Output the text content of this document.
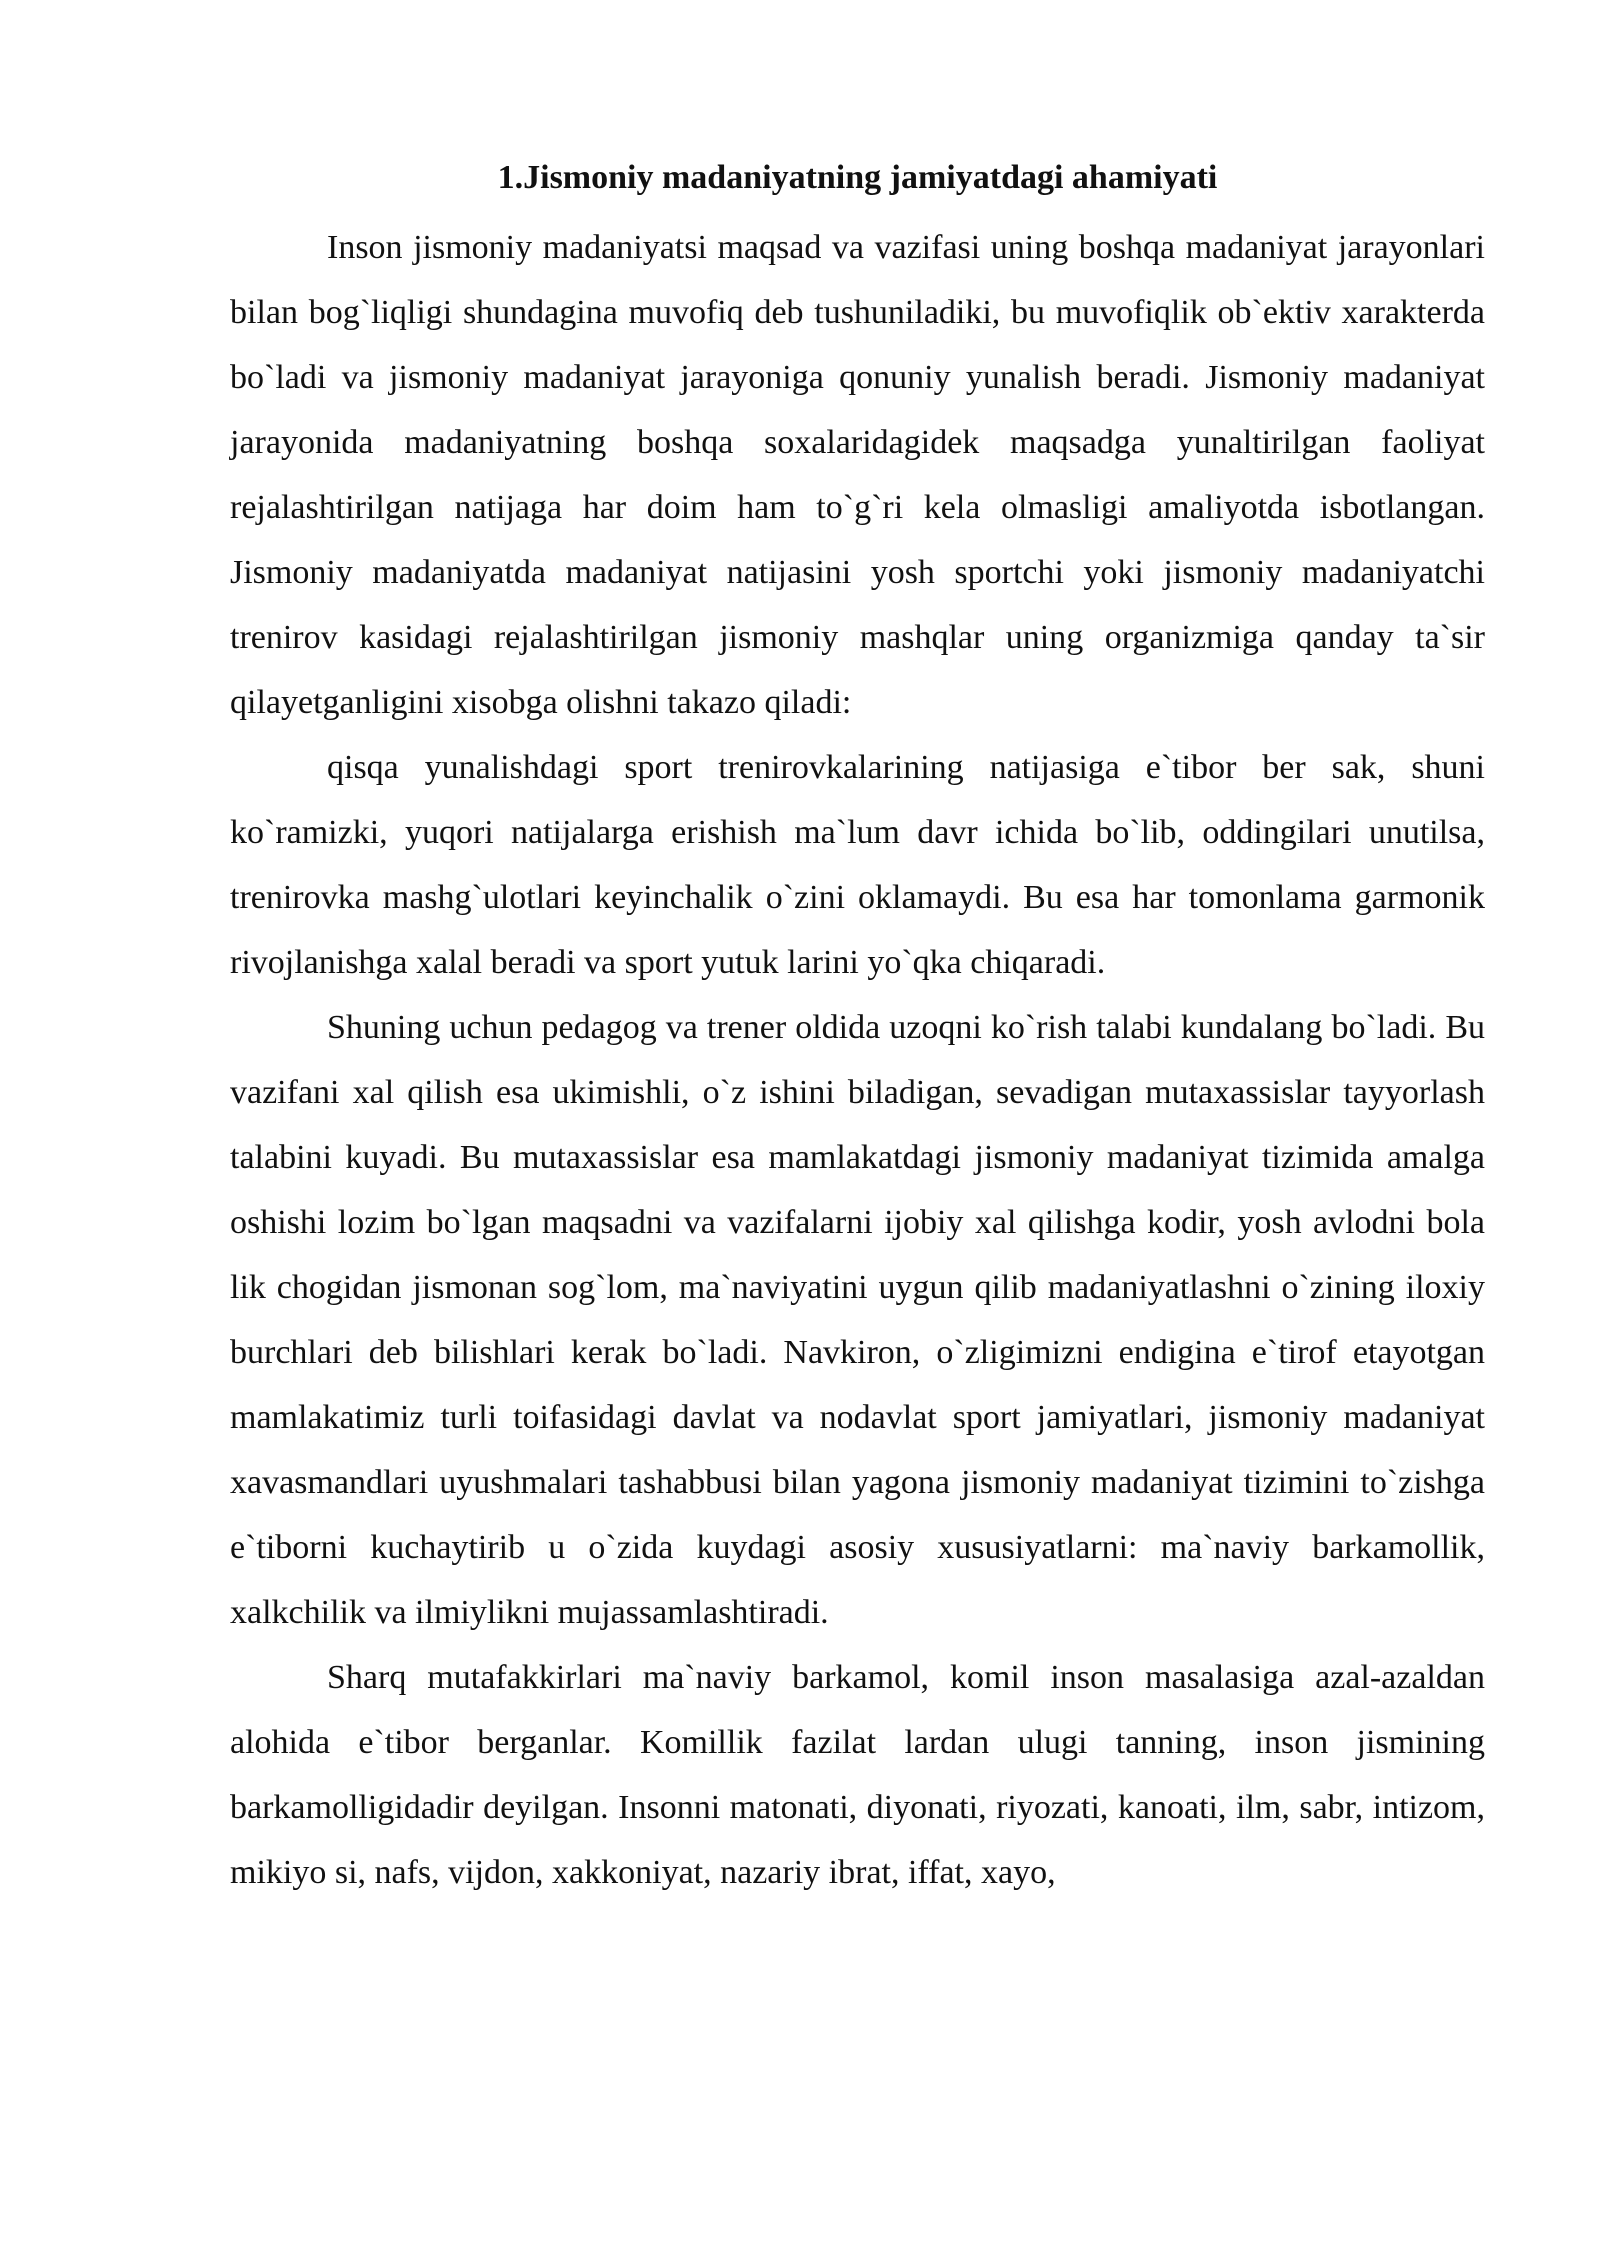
1.Jismoniy madaniyatning jamiyatdagi ahamiyati

Inson jismoniy madaniyatsi maqsad va vazifasi uning boshqa madaniyat jarayonlari bilan bog`liqligi shundagina muvofiq deb tushuniladiki, bu muvofiqlik ob`ektiv xarakterda bo`ladi va jismoniy madaniyat jarayoniga qonuniy yunalish beradi. Jismoniy madaniyat jarayonida madaniyatning boshqa soxalaridagidek maqsadga yunaltirilgan faoliyat rejalashtirilgan natijaga har doim ham to`g`ri kela olmasligi amaliyotda isbotlangan. Jismoniy madaniyatda madaniyat natijasini yosh sportchi yoki jismoniy madaniyatchi trenirov kasidagi rejalashtirilgan jismoniy mashqlar uning organizmiga qanday ta`sir qilayetganligini xisobga olishni takazo qiladi:

qisqa yunalishdagi sport trenirovkalarining natijasiga e`tibor ber sak, shuni ko`ramizki, yuqori natijalarga erishish ma`lum davr ichida bo`lib, oddingilari unutilsa, trenirovka mashg`ulotlari keyinchalik o`zini oklamaydi. Bu esa har tomonlama garmonik rivojlanishga xalal beradi va sport yutuk larini yo`qka chiqaradi.

Shuning uchun pedagog va trener oldida uzoqni ko`rish talabi kundalang bo`ladi. Bu vazifani xal qilish esa ukimishli, o`z ishini biladigan, sevadigan mutaxassislar tayyorlash talabini kuyadi. Bu mutaxassislar esa mamlakatdagi jismoniy madaniyat tizimida amalga oshishi lozim bo`lgan maqsadni va vazifalarni ijobiy xal qilishga kodir, yosh avlodni bola lik chogidan jismonan sog`lom, ma`naviyatini uygun qilib madaniyatlashni o`zining iloxiy burchlari deb bilishlari kerak bo`ladi. Navkiron, o`zligimizni endigina e`tirof etayotgan mamlakatimiz turli toifasidagi davlat va nodavlat sport jamiyatlari, jismoniy madaniyat xavasmandlari uyushmalari tashabbusi bilan yagona jismoniy madaniyat tizimini to`zishga e`tiborni kuchaytirib u o`zida kuydagi asosiy xususiyatlarni: ma`naviy barkamollik, xalkchilik va ilmiylikni mujassamlashtiradi.

Sharq mutafakkirlari ma`naviy barkamol, komil inson masalasiga azal-azaldan alohida e`tibor berganlar. Komillik fazilat lardan ulugi tanning, inson jismining barkamolligidadir deyilgan. Insonni matonati, diyonati, riyozati, kanoati, ilm, sabr, intizom, mikiyo si, nafs, vijdon, xakkoniyat, nazariy ibrat, iffat, xayo,
